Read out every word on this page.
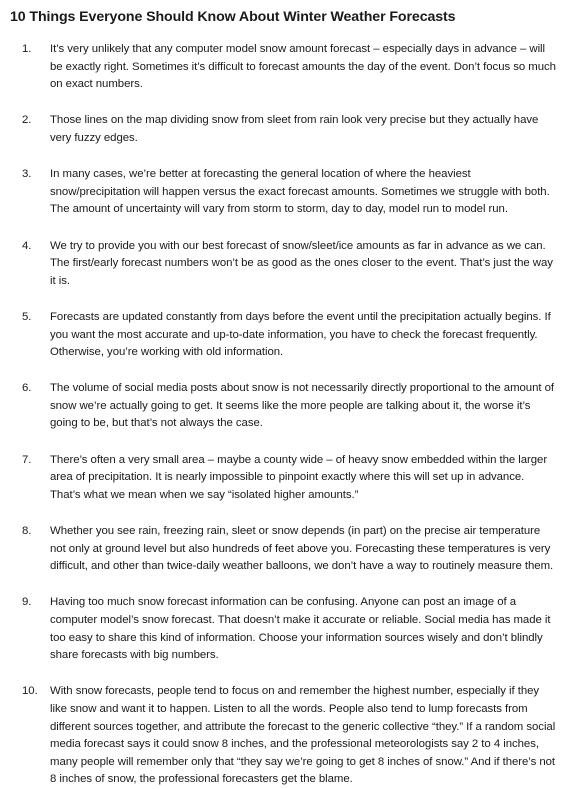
10 Things Everyone Should Know About Winter Weather Forecasts
1.	It’s very unlikely that any computer model snow amount forecast – especially days in advance – will be exactly right. Sometimes it’s difficult to forecast amounts the day of the event. Don’t focus so much on exact numbers.
2.	Those lines on the map dividing snow from sleet from rain look very precise but they actually have very fuzzy edges.
3.	In many cases, we’re better at forecasting the general location of where the heaviest snow/precipitation will happen versus the exact forecast amounts. Sometimes we struggle with both. The amount of uncertainty will vary from storm to storm, day to day, model run to model run.
4.	We try to provide you with our best forecast of snow/sleet/ice amounts as far in advance as we can. The first/early forecast numbers won’t be as good as the ones closer to the event. That’s just the way it is.
5.	Forecasts are updated constantly from days before the event until the precipitation actually begins. If you want the most accurate and up-to-date information, you have to check the forecast frequently. Otherwise, you’re working with old information.
6.	The volume of social media posts about snow is not necessarily directly proportional to the amount of snow we’re actually going to get. It seems like the more people are talking about it, the worse it’s going to be, but that’s not always the case.
7.	There’s often a very small area – maybe a county wide – of heavy snow embedded within the larger area of precipitation. It is nearly impossible to pinpoint exactly where this will set up in advance. That’s what we mean when we say “isolated higher amounts.”
8.	Whether you see rain, freezing rain, sleet or snow depends (in part) on the precise air temperature not only at ground level but also hundreds of feet above you. Forecasting these temperatures is very difficult, and other than twice-daily weather balloons, we don’t have a way to routinely measure them.
9.	Having too much snow forecast information can be confusing. Anyone can post an image of a computer model’s snow forecast. That doesn’t make it accurate or reliable. Social media has made it too easy to share this kind of information. Choose your information sources wisely and don’t blindly share forecasts with big numbers.
10.	With snow forecasts, people tend to focus on and remember the highest number, especially if they like snow and want it to happen. Listen to all the words. People also tend to lump forecasts from different sources together, and attribute the forecast to the generic collective “they.” If a random social media forecast says it could snow 8 inches, and the professional meteorologists say 2 to 4 inches, many people will remember only that “they say we’re going to get 8 inches of snow.” And if there’s not 8 inches of snow, the professional forecasters get the blame.
